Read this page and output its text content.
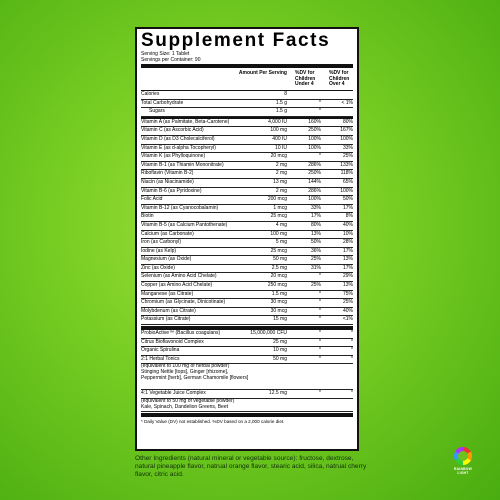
Supplement Facts
Serving Size: 1 Tablet
Servings per Container: 90
Amount Per Serving	%DV for Children Under 4
%DV for Children Over 4
Calories	8
Total Carbohydrate	1.5 g	*	< 1%
Sugars	1.5 g	*
Vitamin A (as Palmitate, Beta-Carotene)	4,000 IU	160%	80%
Vitamin C (as Ascorbic Acid)	100 mg	250%	167%
Vitamin D (as D3 Cholecalciferol)	400 IU	100%	100%
Vitamin E (as d-alpha Tocopheryl)	10 IU	100%	33%
Vitamin K (as Phylloquinone)	20 mcg	*	25%
Vitamin B-1 (as Thiamin Mononitrate)	2 mg	286%	133%
Riboflavin (Vitamin B-2)	2 mg	250%	118%
Niacin (as Niacinamide)	13 mg	144%	65%
Vitamin B-6 (as Pyridoxine)	2 mg	286%	100%
Folic Acid	200 mcg	100%	50%
Vitamin B-12 (as Cyanocobalamin)	1 mcg	33%	17%
Biotin	25 mcg	17%	8%
Vitamin B-5 (as Calcium Pantothenate)	4 mg	80%	40%
Calcium (as Carbonate)	100 mg	13%	10%
Iron (as Carbonyl)	5 mg	50%	28%
Iodine (as Kelp)	25 mcg	36%	17%
Magnesium (as Oxide)	50 mg	25%	13%
Zinc (as Oxide)	2.5 mg	31%	17%
Selenium (as Amino Acid Chelate)	20 mcg	*	29%
Copper (as Amino Acid Chelate)	250 mcg	25%	13%
Manganese (as Citrate)	1.5 mg	*	75%
Chromium (as Glycinate, Dinicotinate)	30 mcg	*	25%
Molybdenum (as Citrate)	30 mcg	*	40%
Potassium (as Citrate)	15 mg	*	<1%
ProbioActive™ (Bacillus coagulans)	15,000,000 CFU	*	*
Citrus Bioflavonoid Complex	25 mg	*	*
Organic Spirulina	10 mg	*	*
2:1 Herbal Tonics	50 mg	*	*
(equivalent to 100 mg of herbal powder)
Stinging Nettle [tops], Ginger [rhizome],
Peppermint [herb], German Chamomile [flowers]
4:1 Vegetable Juice Complex	12.5 mg	*	*
(equivalent to 50 mg of vegetable powder)
Kale, Spinach, Dandelion Greens, Beet
* Daily Value (DV) not established. %DV based on a 2,000 calorie diet.
Other Ingredients (natural mineral or vegetable source): fructose, dextrose, natural pineapple flavor, natrual orange flavor, stearic acid, silica, natrual cherry flavor, citric acid.
RAINBOW LIGHT
